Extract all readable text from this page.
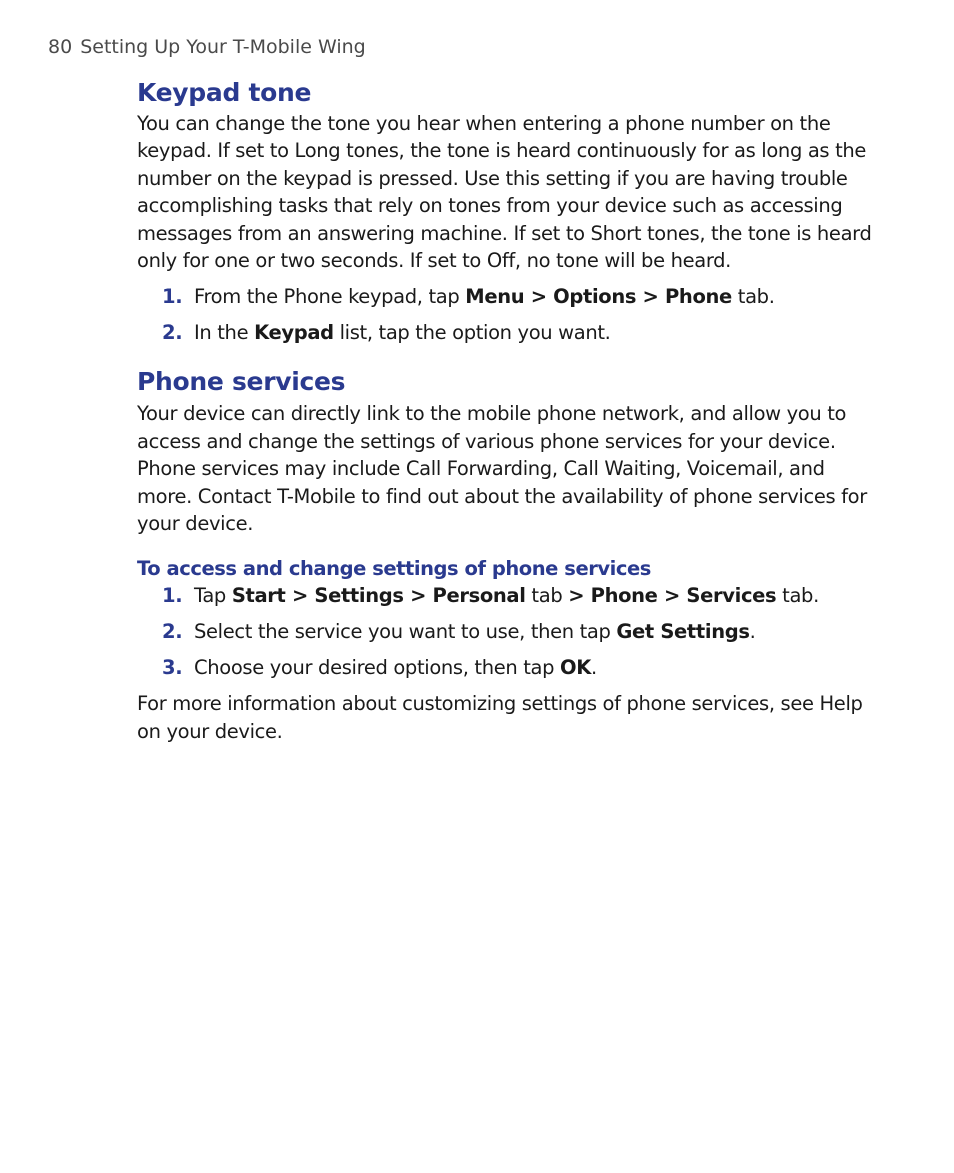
80 Setting Up Your T-Mobile Wing
Keypad tone

You can change the tone you hear when entering a phone number on the keypad. If set to Long tones, the tone is heard continuously for as long as the number on the keypad is pressed. Use this setting if you are having trouble accomplishing tasks that rely on tones from your device such as accessing messages from an answering machine. If set to Short tones, the tone is heard only for one or two seconds. If set to Off, no tone will be heard.

1. From the Phone keypad, tap Menu > Options > Phone tab.
2. In the Keypad list, tap the option you want.
Phone services

Your device can directly link to the mobile phone network, and allow you to access and change the settings of various phone services for your device. Phone services may include Call Forwarding, Call Waiting, Voicemail, and more. Contact T-Mobile to find out about the availability of phone services for your device.

To access and change settings of phone services
1. Tap Start > Settings > Personal tab > Phone > Services tab.
2. Select the service you want to use, then tap Get Settings.
3. Choose your desired options, then tap OK.

For more information about customizing settings of phone services, see Help on your device.
